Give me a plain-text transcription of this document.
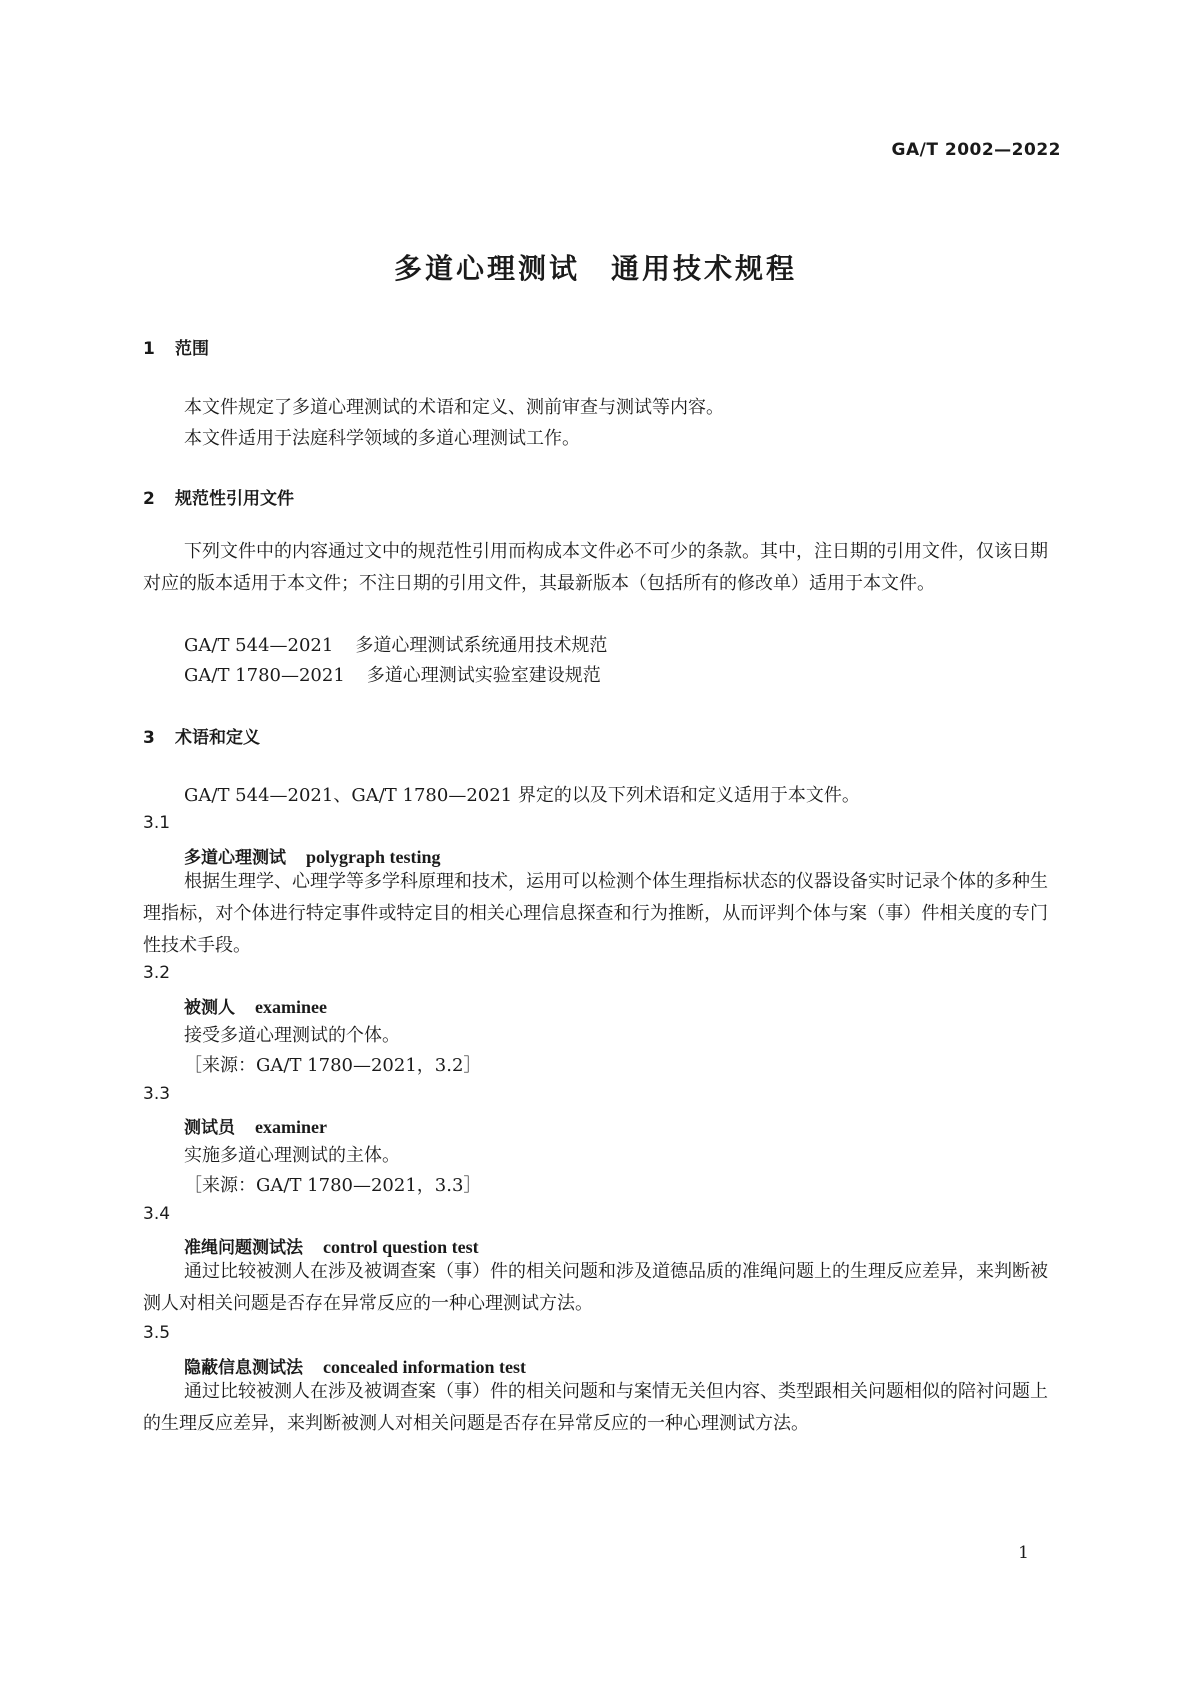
GA/T 2002—2022
多道心理测试　通用技术规程
1 范围
本文件规定了多道心理测试的术语和定义、测前审查与测试等内容。
本文件适用于法庭科学领域的多道心理测试工作。
2 规范性引用文件
下列文件中的内容通过文中的规范性引用而构成本文件必不可少的条款。其中，注日期的引用文件，仅该日期对应的版本适用于本文件；不注日期的引用文件，其最新版本（包括所有的修改单）适用于本文件。
GA/T 544—2021 多道心理测试系统通用技术规范
GA/T 1780—2021 多道心理测试实验室建设规范
3 术语和定义
GA/T 544—2021、GA/T 1780—2021 界定的以及下列术语和定义适用于本文件。
3.1
多道心理测试 polygraph testing
根据生理学、心理学等多学科原理和技术，运用可以检测个体生理指标状态的仪器设备实时记录个体的多种生理指标，对个体进行特定事件或特定目的相关心理信息探查和行为推断，从而评判个体与案（事）件相关度的专门性技术手段。
3.2
被测人 examinee
接受多道心理测试的个体。
［来源：GA/T 1780—2021，3.2］
3.3
测试员 examiner
实施多道心理测试的主体。
［来源：GA/T 1780—2021，3.3］
3.4
准绳问题测试法 control question test
通过比较被测人在涉及被调查案（事）件的相关问题和涉及道德品质的准绳问题上的生理反应差异，来判断被测人对相关问题是否存在异常反应的一种心理测试方法。
3.5
隐蔽信息测试法 concealed information test
通过比较被测人在涉及被调查案（事）件的相关问题和与案情无关但内容、类型跟相关问题相似的陪衬问题上的生理反应差异，来判断被测人对相关问题是否存在异常反应的一种心理测试方法。
1
